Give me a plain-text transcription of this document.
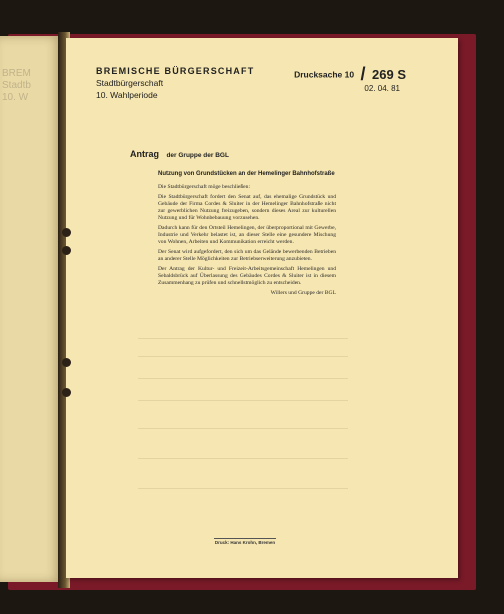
BREM
Stadtb
10. W
BREMISCHE BÜRGERSCHAFT
Stadtbürgerschaft
10. Wahlperiode
Drucksache 10 / 269 S
02. 04. 81
Antrag der Gruppe der BGL
Nutzung von Grundstücken an der Hemelinger Bahnhofstraße

Die Stadtbürgerschaft möge beschließen:

Die Stadtbürgerschaft fordert den Senat auf, das ehemalige Grundstück und Gebäude der Firma Cordes & Sluiter in der Hemelinger Bahnhofstraße nicht zur gewerblichen Nutzung freizugeben, sondern dieses Areal zur kulturellen Nutzung und für Wohnbebauung vorzusehen.

Dadurch kann für den Ortsteil Hemelingen, der überproportional mit Gewerbe, Industrie und Verkehr belastet ist, an dieser Stelle eine gesundere Mischung von Wohnen, Arbeiten und Kommunikation erreicht werden.

Der Senat wird aufgefordert, den sich um das Gelände bewerbenden Betrieben an anderer Stelle Möglichkeiten zur Betriebserweiterung anzubieten.

Der Antrag der Kultur- und Freizeit-Arbeitsgemeinschaft Hemelingen und Sebaldsbrück auf Überlassung des Gebäudes Cordes & Sluiter ist in diesem Zusammenhang zu prüfen und schnellstmöglich zu entscheiden.

Willers und Gruppe der BGL

Druck: Hans Krohn, Bremen
